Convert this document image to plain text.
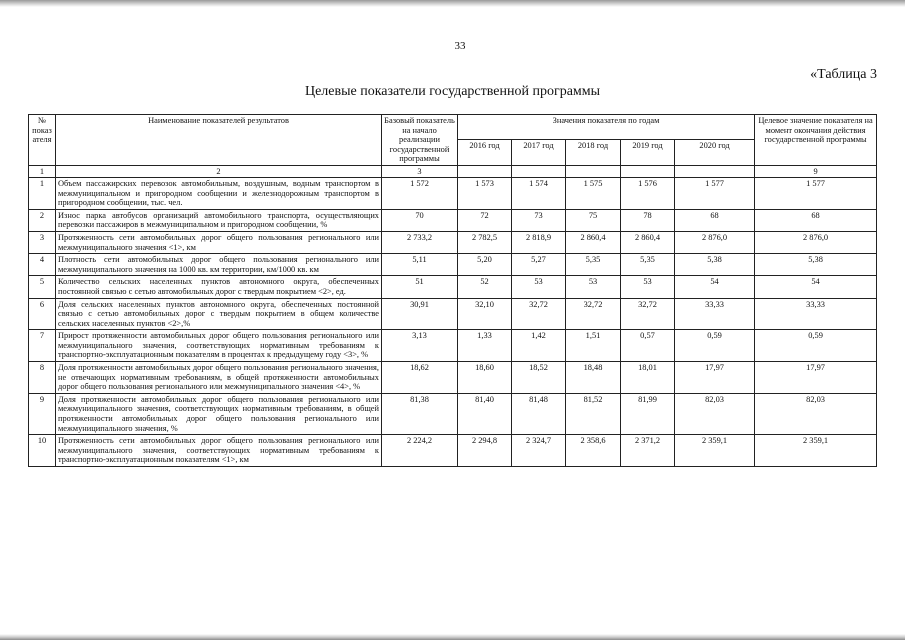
33
«Таблица 3
Целевые показатели государственной программы
№ показ ателя	Наименование показателей результатов	Базовый показатель на начало реализации государственной программы	Значения показателя по годам					Целевое значение показателя на момент окончания действия государственной программы
			2016 год	2017 год	2018 год	2019 год	2020 год	
1	2	3						9
1	Объем пассажирских перевозок автомобильным, воздушным, водным транспортом в межмуниципальном и пригородном сообщении и железнодорожным транспортом в пригородном сообщении, тыс. чел.	1 572	1 573	1 574	1 575	1 576	1 577	1 577
2	Износ парка автобусов организаций автомобильного транспорта, осуществляющих перевозки пассажиров в межмуниципальном и пригородном сообщении, %	70	72	73	75	78	68	68
3	Протяженность сети автомобильных дорог общего пользования регионального или межмуниципального значения <1>, км	2 733,2	2 782,5	2 818,9	2 860,4	2 860,4	2 876,0	2 876,0
4	Плотность сети автомобильных дорог общего пользования регионального или межмуниципального значения на 1000 кв. км территории, км/1000 кв. км	5,11	5,20	5,27	5,35	5,35	5,38	5,38
5	Количество сельских населенных пунктов автономного округа, обеспеченных постоянной связью с сетью автомобильных дорог с твердым покрытием <2>, ед.	51	52	53	53	53	54	54
6	Доля сельских населенных пунктов автономного округа, обеспеченных постоянной связью с сетью автомобильных дорог с твердым покрытием в общем количестве сельских населенных пунктов <2>,%	30,91	32,10	32,72	32,72	32,72	33,33	33,33
7	Прирост протяженности автомобильных дорог общего пользования регионального или межмуниципального значения, соответствующих нормативным требованиям к транспортно-эксплуатационным показателям в процентах к предыдущему году <3>, %	3,13	1,33	1,42	1,51	0,57	0,59	0,59
8	Доля протяженности автомобильных дорог общего пользования регионального значения, не отвечающих нормативным требованиям, в общей протяженности автомобильных дорог общего пользования регионального или межмуниципального значения <4>, %	18,62	18,60	18,52	18,48	18,01	17,97	17,97
9	Доля протяженности автомобильных дорог общего пользования регионального или межмуниципального значения, соответствующих нормативным требованиям, в общей протяженности автомобильных дорог общего пользования регионального или межмуниципального значения, %	81,38	81,40	81,48	81,52	81,99	82,03	82,03
10	Протяженность сети автомобильных дорог общего пользования регионального или межмуниципального значения, соответствующих нормативным требованиям к транспортно-эксплуатационным показателям <1>, км	2 224,2	2 294,8	2 324,7	2 358,6	2 371,2	2 359,1	2 359,1
